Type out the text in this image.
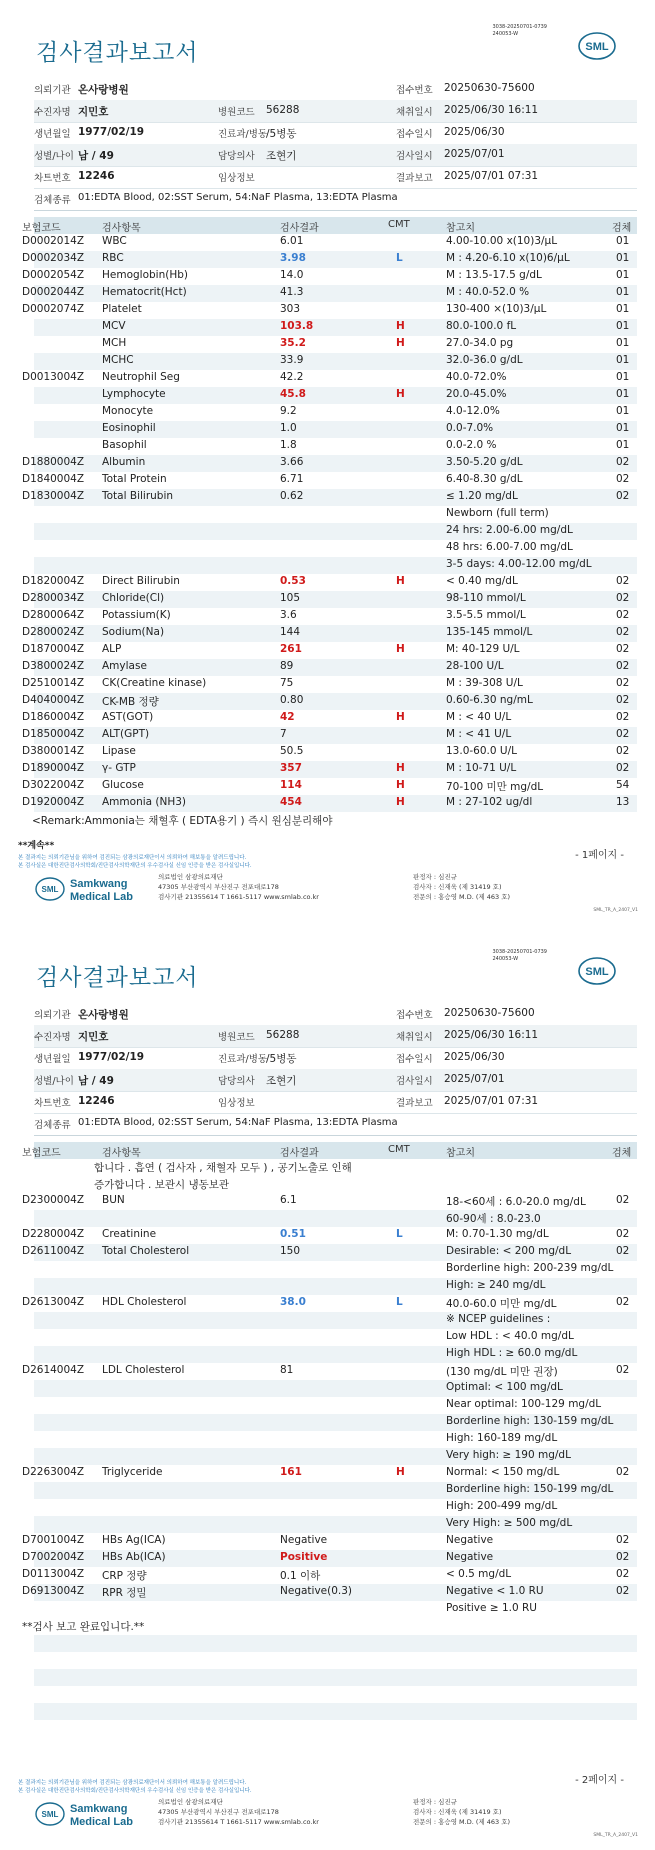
3038-20250701-0739
240053-W
검사결과보고서	SML
의뢰기관 온사랑병원	접수번호 20250630-75600
수진자명 지민호	병원코드 56288	채취일시 2025/06/30 16:11
생년월일 1977/02/19	진료과/병동
/5병동	접수일시 2025/06/30
성별/나이 남 / 49	담당의사 조현기	검사일시 2025/07/01
차트번호 12246	임상정보	결과보고 2025/07/01 07:31
검체종류 01:EDTA Blood, 02:SST Serum, 54:NaF Plasma, 13:EDTA Plasma
보험코드	검사항목	검사결과	CMT	참고치	검체
D0002014Z WBC	6.01	4.00-10.00 x(10)3/μL	01
D0002034Z RBC	3.98	L	M : 4.20-6.10 x(10)6/μL	01
D0002054Z Hemoglobin(Hb)	14.0	M : 13.5-17.5 g/dL	01
D0002044Z Hematocrit(Hct)	41.3	M : 40.0-52.0 %	01
D0002074Z Platelet	303	130-400 ×(10)3/μL	01
MCV	103.8	H	80.0-100.0 fL	01
MCH	35.2	H	27.0-34.0 pg	01
MCHC	33.9	32.0-36.0 g/dL	01
D0013004Z Neutrophil Seg	42.2	40.0-72.0%	01
Lymphocyte	45.8	H	20.0-45.0%	01
Monocyte	9.2	4.0-12.0%	01
Eosinophil	1.0	0.0-7.0%	01
Basophil	1.8	0.0-2.0 %	01
D1880004Z Albumin	3.66	3.50-5.20 g/dL	02
D1840004Z Total Protein	6.71	6.40-8.30 g/dL	02
D1830004Z Total Bilirubin	0.62	≤ 1.20 mg/dL	02
Newborn (full term)
24 hrs: 2.00-6.00 mg/dL
48 hrs: 6.00-7.00 mg/dL
3-5 days: 4.00-12.00 mg/dL
D1820004Z Direct Bilirubin	0.53	H	< 0.40 mg/dL	02
D2800034Z Chloride(Cl)	105	98-110 mmol/L	02
D2800064Z Potassium(K)	3.6	3.5-5.5 mmol/L	02
D2800024Z Sodium(Na)	144	135-145 mmol/L	02
D1870004Z ALP	261	H	M: 40-129 U/L	02
D3800024Z Amylase	89	28-100 U/L	02
D2510014Z CK(Creatine kinase)	75	M : 39-308 U/L	02
D4040004Z CK-MB 정량	0.80	0.60-6.30 ng/mL	02
D1860004Z AST(GOT)	42	H	M : < 40 U/L	02
D1850004Z ALT(GPT)	7	M : < 41 U/L	02
D3800014Z Lipase	50.5	13.0-60.0 U/L	02
D1890004Z γ- GTP	357	H	M : 10-71 U/L	02
D3022004Z Glucose	114	H	70-100 미만 mg/dL	54
D1920004Z Ammonia (NH3)	454	H	M : 27-102 ug/dl	13
<Remark:Ammonia는 채혈후 ( EDTA용기 ) 즉시 원심분리해야
**계속**
본 결과지는 의뢰기관님을 위하여 검진되는 삼광의료재단이서 의뢰하여 해보통을 알려드립니다.
본 검사실은 대한진단검사의학회/진단검사의학재단의 우수검사실 신임 인증을 받은 검사실입니다.
- 1페이지 -
SML Samkwang
Medical Lab
의료법인 삼광의료재단
47305 부산광역시 부산진구 전포대로178
검사기관 21355614 T 1661-5117 www.smlab.co.kr
판정자 : 심진규
검사자 : 신재욱 (제 31419 호)
전문의 : 홍승영 M.D. (제 463 호)
SML_TR_A_2407_V1
3038-20250701-0739
240053-W
검사결과보고서	SML
의뢰기관 온사랑병원	접수번호 20250630-75600
수진자명 지민호	병원코드 56288	채취일시 2025/06/30 16:11
생년월일 1977/02/19	진료과/병동
/5병동	접수일시 2025/06/30
성별/나이 남 / 49	담당의사 조현기	검사일시 2025/07/01
차트번호 12246	임상정보	결과보고 2025/07/01 07:31
검체종류 01:EDTA Blood, 02:SST Serum, 54:NaF Plasma, 13:EDTA Plasma
보험코드	검사항목	검사결과	CMT	참고치	검체
합니다 . 흡연 ( 검사자 , 채혈자 모두 ) , 공기노출로 인해
증가합니다 . 보관시 냉동보관
D2300004Z BUN	6.1	18-<60세 : 6.0-20.0 mg/dL	02
60-90세 : 8.0-23.0
D2280004Z Creatinine	0.51	L	M: 0.70-1.30 mg/dL	02
D2611004Z Total Cholesterol	150	Desirable: < 200 mg/dL	02
Borderline high: 200-239 mg/dL
High: ≥ 240 mg/dL
D2613004Z HDL Cholesterol	38.0	L	40.0-60.0 미만 mg/dL	02
※ NCEP guidelines :
Low HDL : < 40.0 mg/dL
High HDL : ≥ 60.0 mg/dL
D2614004Z LDL Cholesterol	81	(130 mg/dL 미만 권장)	02
Optimal: < 100 mg/dL
Near optimal: 100-129 mg/dL
Borderline high: 130-159 mg/dL
High: 160-189 mg/dL
Very high: ≥ 190 mg/dL
D2263004Z Triglyceride	161	H	Normal: < 150 mg/dL	02
Borderline high: 150-199 mg/dL
High: 200-499 mg/dL
Very High: ≥ 500 mg/dL
D7001004Z HBs Ag(ICA)	Negative	Negative	02
D7002004Z HBs Ab(ICA)	Positive	Negative	02
D0113004Z CRP 정량	0.1 이하	< 0.5 mg/dL	02
D6913004Z RPR 정밀	Negative(0.3)	Negative < 1.0 RU	02
Positive ≥ 1.0 RU
**검사 보고 완료입니다.**
본 결과지는 의뢰기관님을 위하여 검진되는 삼광의료재단이서 의뢰하여 해보통을 알려드립니다.
본 검사실은 대한진단검사의학회/진단검사의학재단의 우수검사실 신임 인증을 받은 검사실입니다.
- 2페이지 -
SML Samkwang
Medical Lab
의료법인 삼광의료재단
47305 부산광역시 부산진구 전포대로178
검사기관 21355614 T 1661-5117 www.smlab.co.kr
판정자 : 심진규
검사자 : 신재욱 (제 31419 호)
전문의 : 홍승영 M.D. (제 463 호)
SML_TR_A_2407_V1
